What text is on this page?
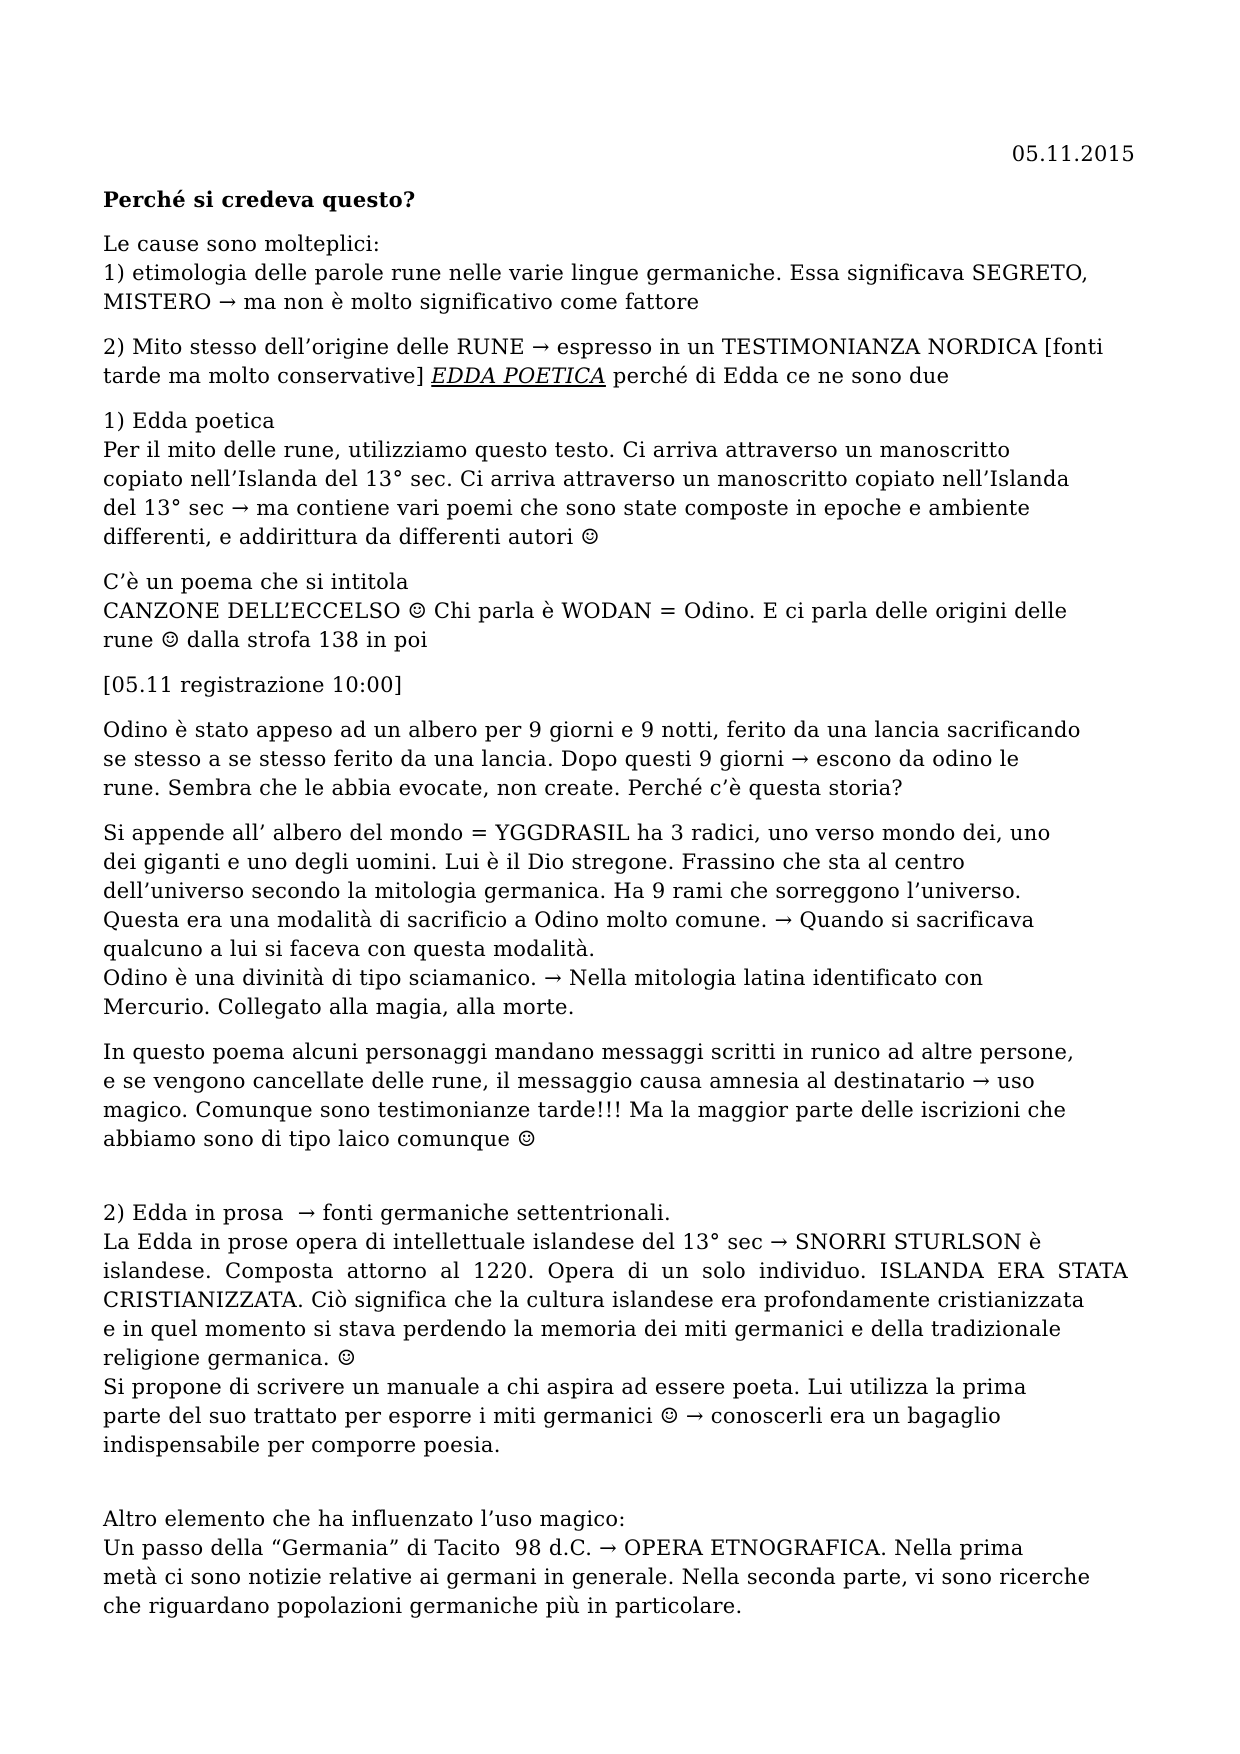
05.11.2015
Perché si credeva questo?
Le cause sono molteplici:
1) etimologia delle parole rune nelle varie lingue germaniche. Essa significava SEGRETO,
MISTERO → ma non è molto significativo come fattore
2) Mito stesso dell’origine delle RUNE → espresso in un TESTIMONIANZA NORDICA [fonti
tarde ma molto conservative] EDDA POETICA perché di Edda ce ne sono due
1) Edda poetica
Per il mito delle rune, utilizziamo questo testo. Ci arriva attraverso un manoscritto
copiato nell’Islanda del 13° sec. Ci arriva attraverso un manoscritto copiato nell’Islanda
del 13° sec → ma contiene vari poemi che sono state composte in epoche e ambiente
differenti, e addirittura da differenti autori ☺
C’è un poema che si intitola
CANZONE DELL’ECCELSO ☺ Chi parla è WODAN = Odino. E ci parla delle origini delle
rune ☺ dalla strofa 138 in poi
[05.11 registrazione 10:00]
Odino è stato appeso ad un albero per 9 giorni e 9 notti, ferito da una lancia sacrificando
se stesso a se stesso ferito da una lancia. Dopo questi 9 giorni → escono da odino le
rune. Sembra che le abbia evocate, non create. Perché c’è questa storia?
Si appende all’ albero del mondo = YGGDRASIL ha 3 radici, uno verso mondo dei, uno
dei giganti e uno degli uomini. Lui è il Dio stregone. Frassino che sta al centro
dell’universo secondo la mitologia germanica. Ha 9 rami che sorreggono l’universo.
Questa era una modalità di sacrificio a Odino molto comune. → Quando si sacrificava
qualcuno a lui si faceva con questa modalità.
Odino è una divinità di tipo sciamanico. → Nella mitologia latina identificato con
Mercurio. Collegato alla magia, alla morte.
In questo poema alcuni personaggi mandano messaggi scritti in runico ad altre persone,
e se vengono cancellate delle rune, il messaggio causa amnesia al destinatario → uso
magico. Comunque sono testimonianze tarde!!! Ma la maggior parte delle iscrizioni che
abbiamo sono di tipo laico comunque ☺
2) Edda in prosa  → fonti germaniche settentrionali.
La Edda in prose opera di intellettuale islandese del 13° sec → SNORRI STURLSON è
islandese. Composta attorno al 1220. Opera di un solo individuo. ISLANDA ERA STATA
CRISTIANIZZATA. Ciò significa che la cultura islandese era profondamente cristianizzata
e in quel momento si stava perdendo la memoria dei miti germanici e della tradizionale
religione germanica. ☺
Si propone di scrivere un manuale a chi aspira ad essere poeta. Lui utilizza la prima
parte del suo trattato per esporre i miti germanici ☺ → conoscerli era un bagaglio
indispensabile per comporre poesia.
Altro elemento che ha influenzato l’uso magico:
Un passo della “Germania” di Tacito  98 d.C. → OPERA ETNOGRAFICA. Nella prima
metà ci sono notizie relative ai germani in generale. Nella seconda parte, vi sono ricerche
che riguardano popolazioni germaniche più in particolare.
